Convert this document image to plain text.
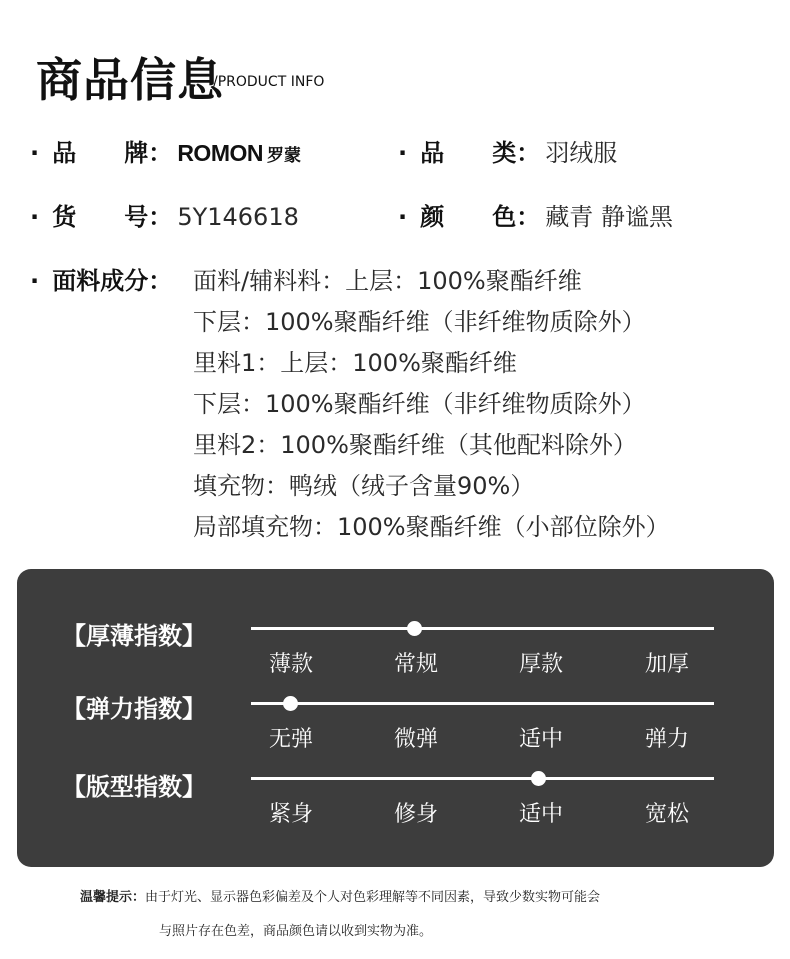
商品信息
/PRODUCT INFO
· 品　　牌： ROMON 罗蒙	· 品　　类： 羽绒服
· 货　　号： 5Y146618	· 颜　　色： 藏青 静谧黑
· 面料成分： 面料/辅料料：上层：100%聚酯纤维
下层：100%聚酯纤维（非纤维物质除外）
里料1：上层：100%聚酯纤维
下层：100%聚酯纤维（非纤维物质除外）
里料2：100%聚酯纤维（其他配料除外）
填充物：鸭绒（绒子含量90%）
局部填充物：100%聚酯纤维（小部位除外）
【厚薄指数】
薄款	常规	厚款	加厚
【弹力指数】
无弹	微弹	适中	弹力
【版型指数】
紧身	修身	适中	宽松
温馨提示：由于灯光、显示器色彩偏差及个人对色彩理解等不同因素，导致少数实物可能会
与照片存在色差，商品颜色请以收到实物为准。
